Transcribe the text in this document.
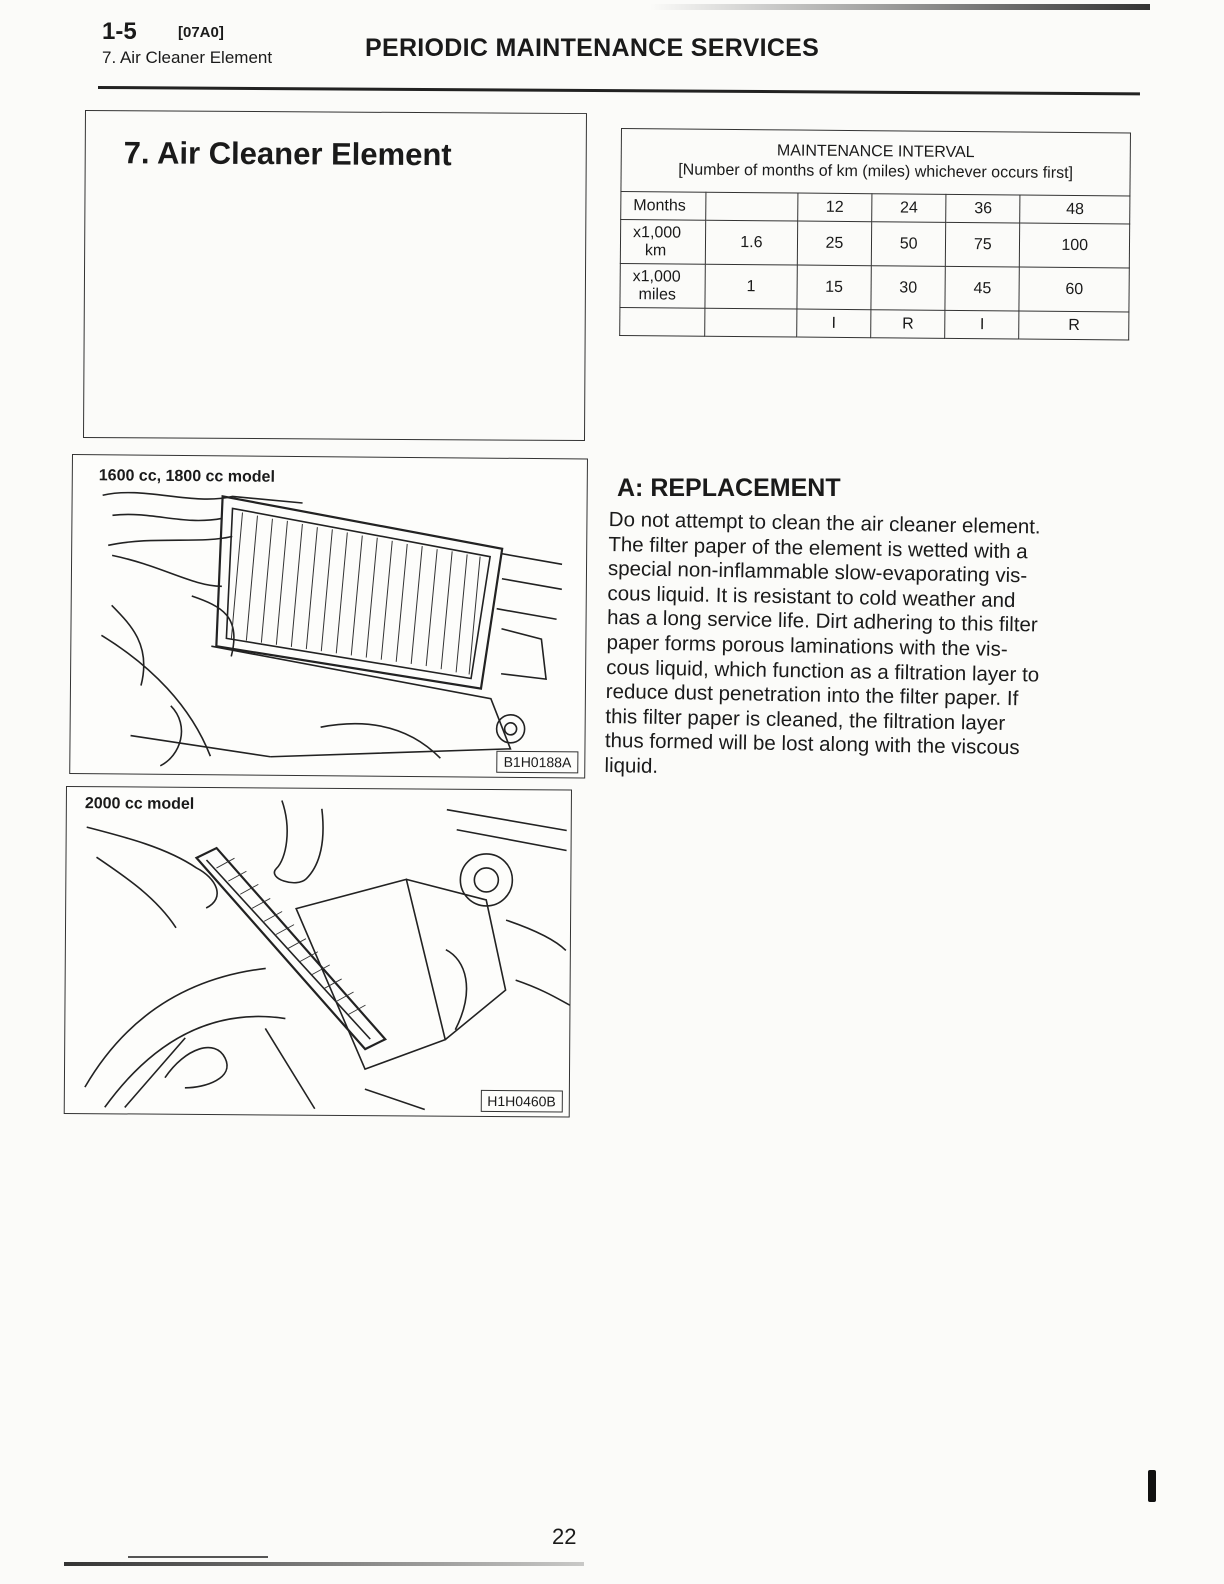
1-5	[07A0]
7. Air Cleaner Element	PERIODIC MAINTENANCE SERVICES
7. Air Cleaner Element	MAINTENANCE INTERVAL
[Number of months of km (miles) whichever occurs first]					

Months		12	24	36	48

x1,000
km	1.6	25	50	75	100

x1,000
miles	1	15	30	45	60
		I	R	I	R
1600 cc, 1800 cc model
B1H0188A
2000 cc model
H1H0460B
A: REPLACEMENT
Do not attempt to clean the air cleaner element.
The filter paper of the element is wetted with a
special non-inflammable slow-evaporating vis-
cous liquid. It is resistant to cold weather and
has a long service life. Dirt adhering to this filter
paper forms porous laminations with the vis-
cous liquid, which function as a filtration layer to
reduce dust penetration into the filter paper. If
this filter paper is cleaned, the filtration layer
thus formed will be lost along with the viscous
liquid.
22
